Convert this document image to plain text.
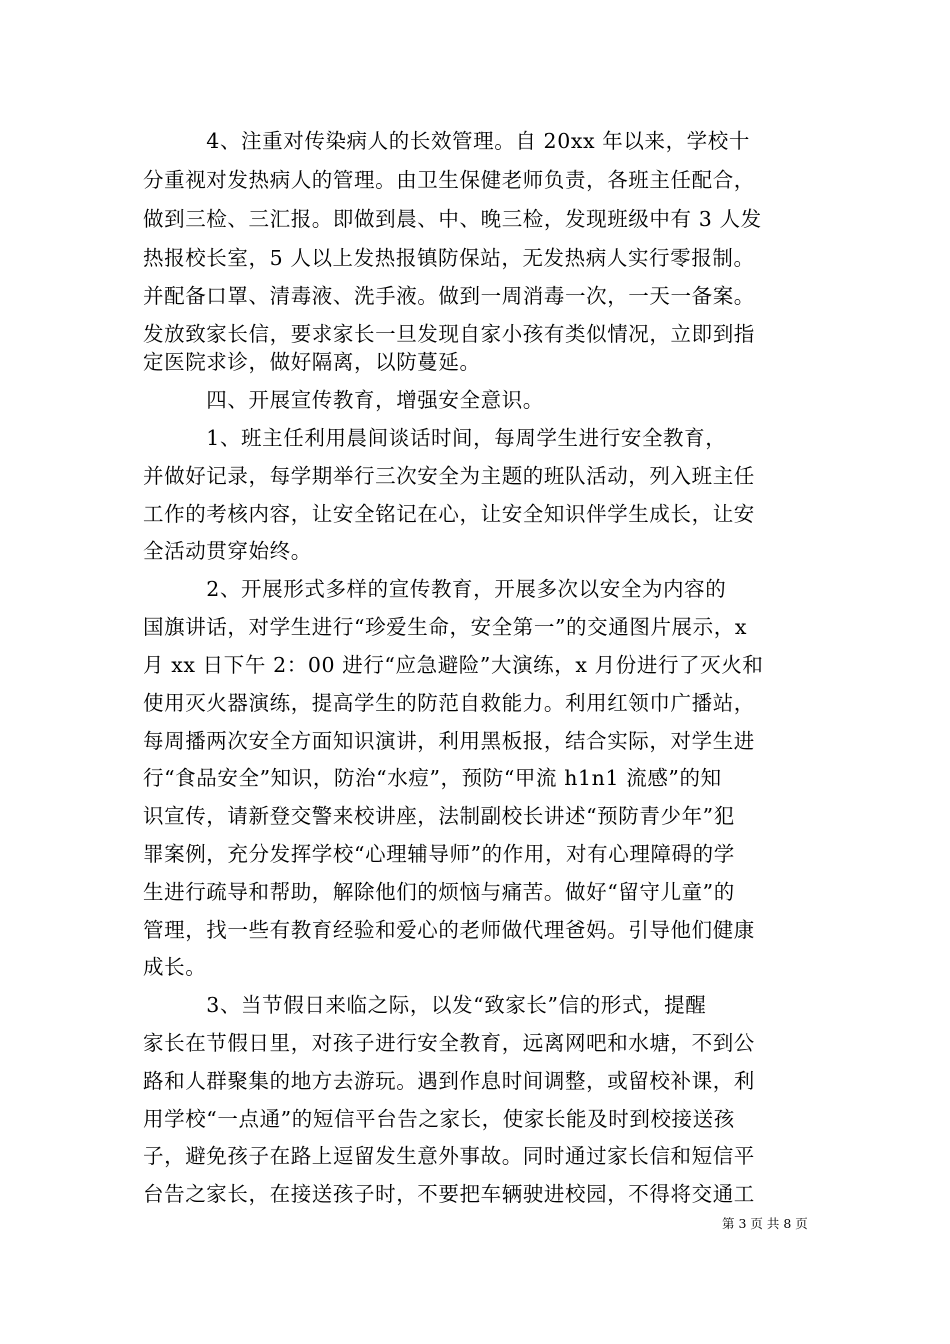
　　　4、注重对传染病人的长效管理。自 20xx 年以来，学校十
分重视对发热病人的管理。由卫生保健老师负责，各班主任配合，
做到三检、三汇报。即做到晨、中、晚三检，发现班级中有 3 人发
热报校长室，5 人以上发热报镇防保站，无发热病人实行零报制。
并配备口罩、清毒液、洗手液。做到一周消毒一次，一天一备案。
发放致家长信，要求家长一旦发现自家小孩有类似情况，立即到指
定医院求诊，做好隔离，以防蔓延。
　　　四、开展宣传教育，增强安全意识。
　　　1、班主任利用晨间谈话时间，每周学生进行安全教育，
并做好记录，每学期举行三次安全为主题的班队活动，列入班主任
工作的考核内容，让安全铭记在心，让安全知识伴学生成长，让安
全活动贯穿始终。
　　　2、开展形式多样的宣传教育，开展多次以安全为内容的
国旗讲话，对学生进行“珍爱生命，安全第一”的交通图片展示，x
月 xx 日下午 2：00 进行“应急避险”大演练，x 月份进行了灭火和
使用灭火器演练，提高学生的防范自救能力。利用红领巾广播站，
每周播两次安全方面知识演讲，利用黑板报，结合实际，对学生进
行“食品安全”知识，防治“水痘”，预防“甲流 h1n1 流感”的知
识宣传，请新登交警来校讲座，法制副校长讲述“预防青少年”犯
罪案例，充分发挥学校“心理辅导师”的作用，对有心理障碍的学
生进行疏导和帮助，解除他们的烦恼与痛苦。做好“留守儿童”的
管理，找一些有教育经验和爱心的老师做代理爸妈。引导他们健康
成长。
　　　3、当节假日来临之际，以发“致家长”信的形式，提醒
家长在节假日里，对孩子进行安全教育，远离网吧和水塘，不到公
路和人群聚集的地方去游玩。遇到作息时间调整，或留校补课，利
用学校“一点通”的短信平台告之家长，使家长能及时到校接送孩
子，避免孩子在路上逗留发生意外事故。同时通过家长信和短信平
台告之家长，在接送孩子时，不要把车辆驶进校园，不得将交通工
第 3 页 共 8 页
